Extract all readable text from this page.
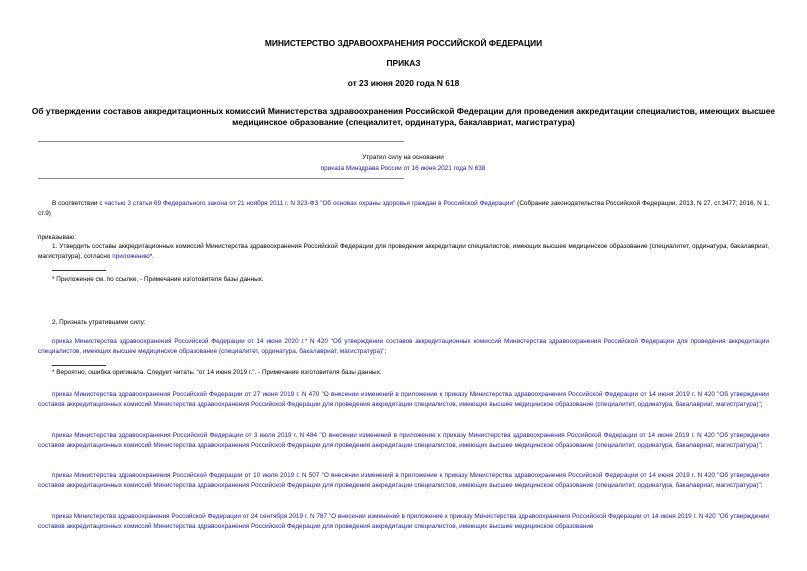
МИНИСТЕРСТВО ЗДРАВООХРАНЕНИЯ РОССИЙСКОЙ ФЕДЕРАЦИИ
ПРИКАЗ
от 23 июня 2020 года N 618
Об утверждении составов аккредитационных комиссий Министерства здравоохранения Российской Федерации для проведения аккредитации специалистов, имеющих высшее медицинское образование (специалитет, ординатура, бакалавриат, магистратура)
Утратил силу на основании
приказа Минздрава России от 16 июня 2021 года N 638
В соответствии с частью 3 статьи 69 Федерального закона от 21 ноября 2011 г. N 323-ФЗ "Об основах охраны здоровья граждан в Российской Федерации" (Собрание законодательства Российской Федерации, 2013, N 27, ст.3477; 2016, N 1, ст.9)
приказываю:
1. Утвердить составы аккредитационных комиссий Министерства здравоохранения Российской Федерации для проведения аккредитации специалистов, имеющих высшее медицинское образование (специалитет, ординатура, бакалавриат, магистратура), согласно приложению*.
* Приложение см. по ссылке. - Примечание изготовителя базы данных.
2. Признать утратившими силу:
приказ Министерства здравоохранения Российской Федерации от 14 июня 2020 г.* N 420 "Об утверждении составов аккредитационных комиссий Министерства здравоохранения Российской Федерации для проведения аккредитации специалистов, имеющих высшее медицинское образование (специалитет, ординатура, бакалавриат, магистратура)";
* Вероятно, ошибка оригинала. Следует читать: "от 14 июня 2019 г.". - Примечание изготовителя базы данных.
приказ Министерства здравоохранения Российской Федерации от 27 июня 2019 г. N 470 "О внесении изменений в приложение к приказу Министерства здравоохранения Российской Федерации от 14 июня 2019 г. N 420 "Об утверждении составов аккредитационных комиссий Министерства здравоохранения Российской Федерации для проведения аккредитации специалистов, имеющих высшее медицинское образование (специалитет, ординатура, бакалавриат, магистратура)";
приказ Министерства здравоохранения Российской Федерации от 3 июля 2019 г. N 484 "О внесении изменений в приложение к приказу Министерства здравоохранения Российской Федерации от 14 июня 2019 г. N 420 "Об утверждении составов аккредитационных комиссий Министерства здравоохранения Российской Федерации для проведения аккредитации специалистов, имеющих высшее медицинское образование (специалитет, ординатура, бакалавриат, магистратура)";
приказ Министерства здравоохранения Российской Федерации от 10 июля 2019 г. N 507 "О внесении изменений в приложение к приказу Министерства здравоохранения Российской Федерации от 14 июня 2019 г. N 420 "Об утверждении составов аккредитационных комиссий Министерства здравоохранения Российской Федерации для проведения аккредитации специалистов, имеющих высшее медицинское образование (специалитет, ординатура, бакалавриат, магистратура)";
приказ Министерства здравоохранения Российской Федерации от 24 сентября 2019 г. N 787 "О внесении изменений в приложение к приказу Министерства здравоохранения Российской Федерации от 14 июня 2019 г. N 420 "Об утверждении составов аккредитационных комиссий Министерства здравоохранения Российской Федерации для проведения аккредитации специалистов, имеющих высшее медицинское образование
